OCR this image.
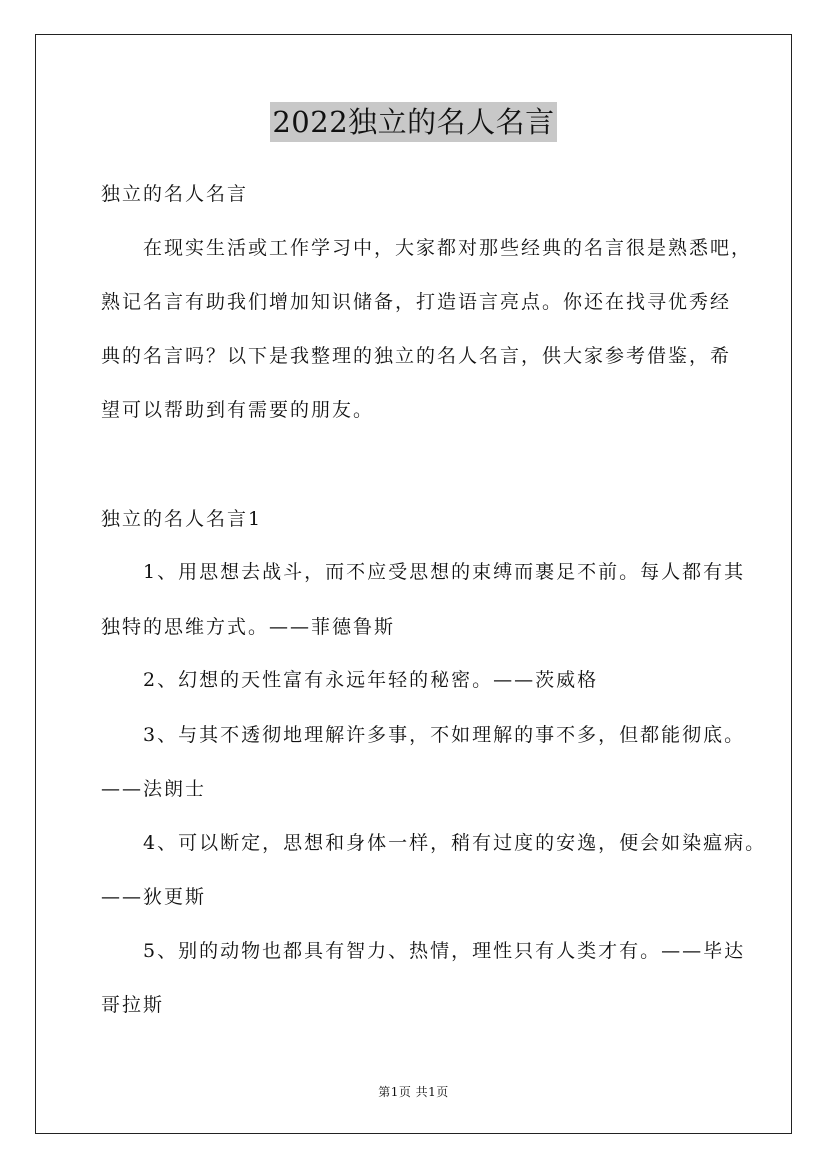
2022独立的名人名言
独立的名人名言
在现实生活或工作学习中，大家都对那些经典的名言很是熟悉吧，
熟记名言有助我们增加知识储备，打造语言亮点。你还在找寻优秀经
典的名言吗？以下是我整理的独立的名人名言，供大家参考借鉴，希
望可以帮助到有需要的朋友。
独立的名人名言1
1、用思想去战斗，而不应受思想的束缚而裹足不前。每人都有其
独特的思维方式。——菲德鲁斯
2、幻想的天性富有永远年轻的秘密。——茨威格
3、与其不透彻地理解许多事，不如理解的事不多，但都能彻底。
——法朗士
4、可以断定，思想和身体一样，稍有过度的安逸，便会如染瘟病。
——狄更斯
5、别的动物也都具有智力、热情，理性只有人类才有。——毕达
哥拉斯
第1页 共1页
